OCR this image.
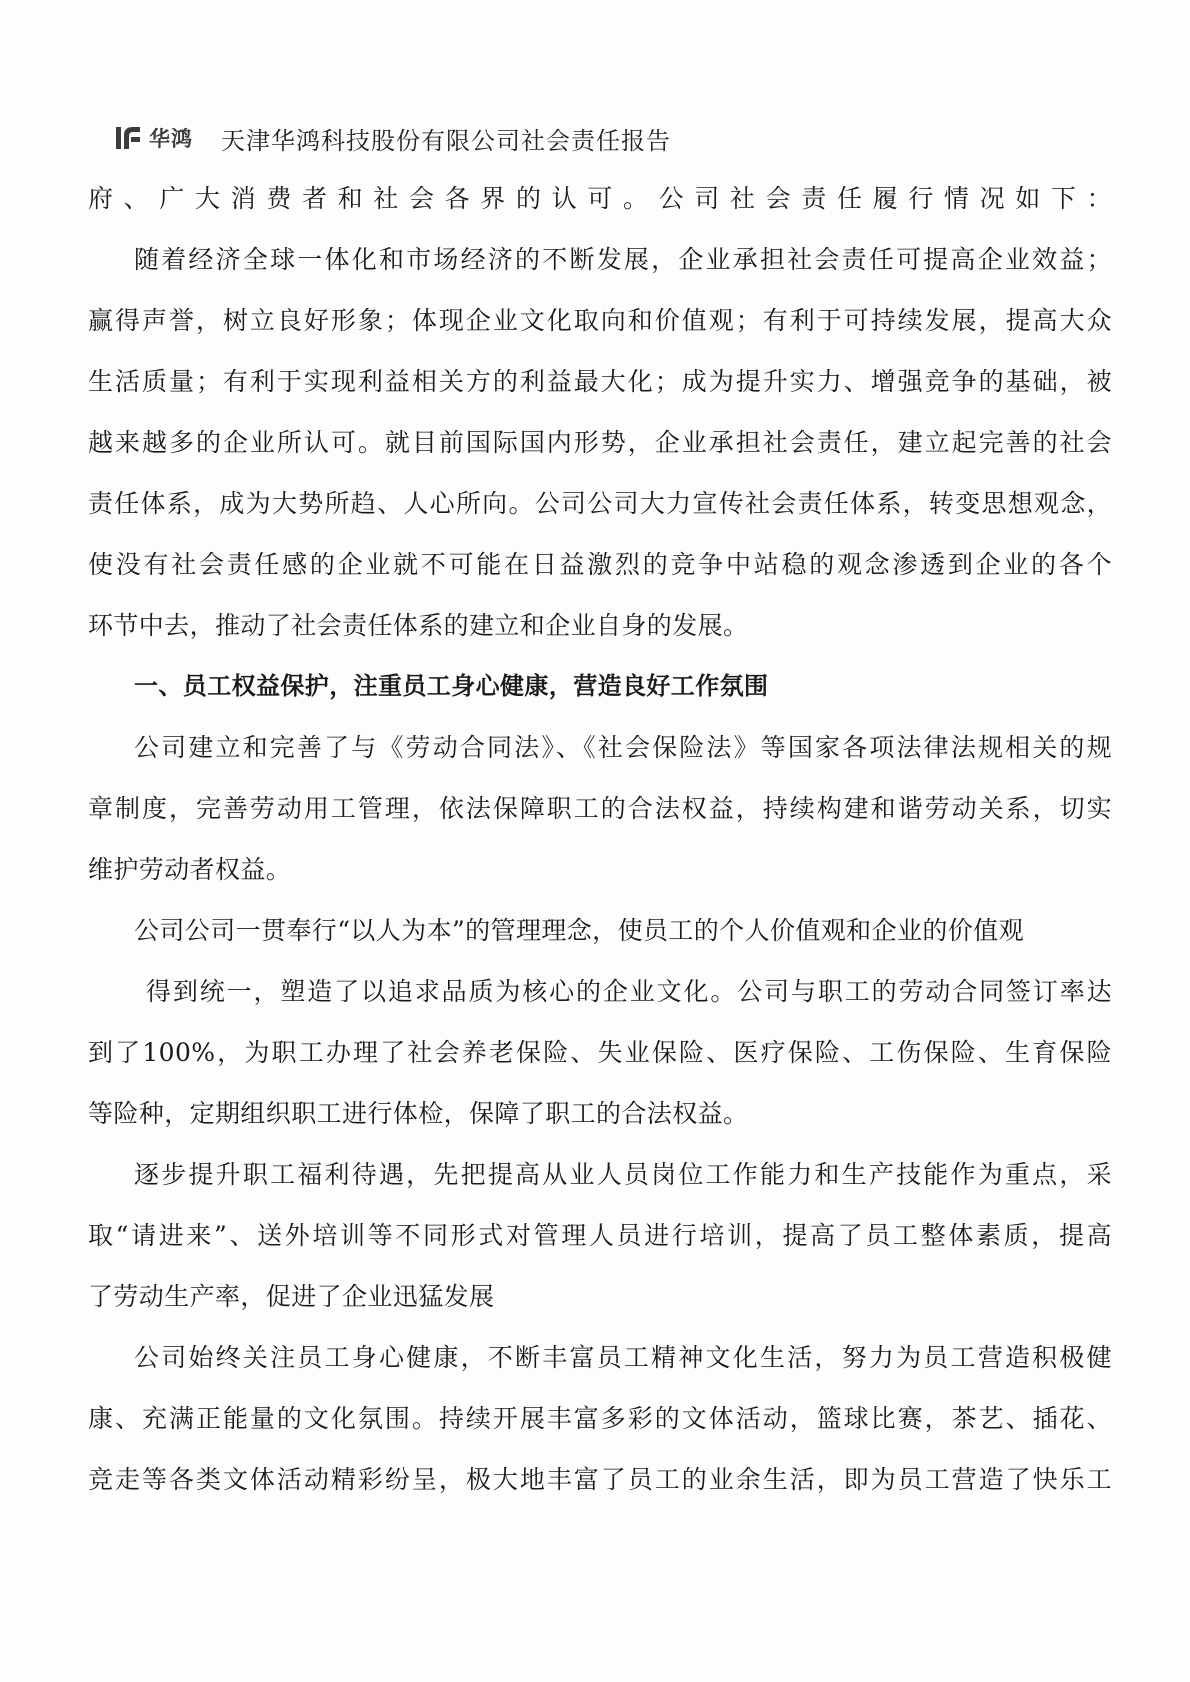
华鸿 天津华鸿科技股份有限公司社会责任报告
府、广大消费者和社会各界的认可。公司社会责任履行情况如下：
随着经济全球一体化和市场经济的不断发展，企业承担社会责任可提高企业效益；
赢得声誉，树立良好形象；体现企业文化取向和价值观；有利于可持续发展，提高大众
生活质量；有利于实现利益相关方的利益最大化；成为提升实力、增强竞争的基础，被
越来越多的企业所认可。就目前国际国内形势，企业承担社会责任，建立起完善的社会
责任体系，成为大势所趋、人心所向。公司公司大力宣传社会责任体系，转变思想观念，
使没有社会责任感的企业就不可能在日益激烈的竞争中站稳的观念渗透到企业的各个
环节中去，推动了社会责任体系的建立和企业自身的发展。
一、员工权益保护，注重员工身心健康，营造良好工作氛围
公司建立和完善了与《劳动合同法》、《社会保险法》等国家各项法律法规相关的规
章制度，完善劳动用工管理，依法保障职工的合法权益，持续构建和谐劳动关系，切实
维护劳动者权益。
公司公司一贯奉行“以人为本”的管理理念，使员工的个人价值观和企业的价值观
得到统一，塑造了以追求品质为核心的企业文化。公司与职工的劳动合同签订率达
到了100%，为职工办理了社会养老保险、失业保险、医疗保险、工伤保险、生育保险
等险种，定期组织职工进行体检，保障了职工的合法权益。
逐步提升职工福利待遇，先把提高从业人员岗位工作能力和生产技能作为重点，采
取“请进来”、送外培训等不同形式对管理人员进行培训，提高了员工整体素质，提高
了劳动生产率，促进了企业迅猛发展
公司始终关注员工身心健康，不断丰富员工精神文化生活，努力为员工营造积极健
康、充满正能量的文化氛围。持续开展丰富多彩的文体活动，篮球比赛，茶艺、插花、
竞走等各类文体活动精彩纷呈，极大地丰富了员工的业余生活，即为员工营造了快乐工
